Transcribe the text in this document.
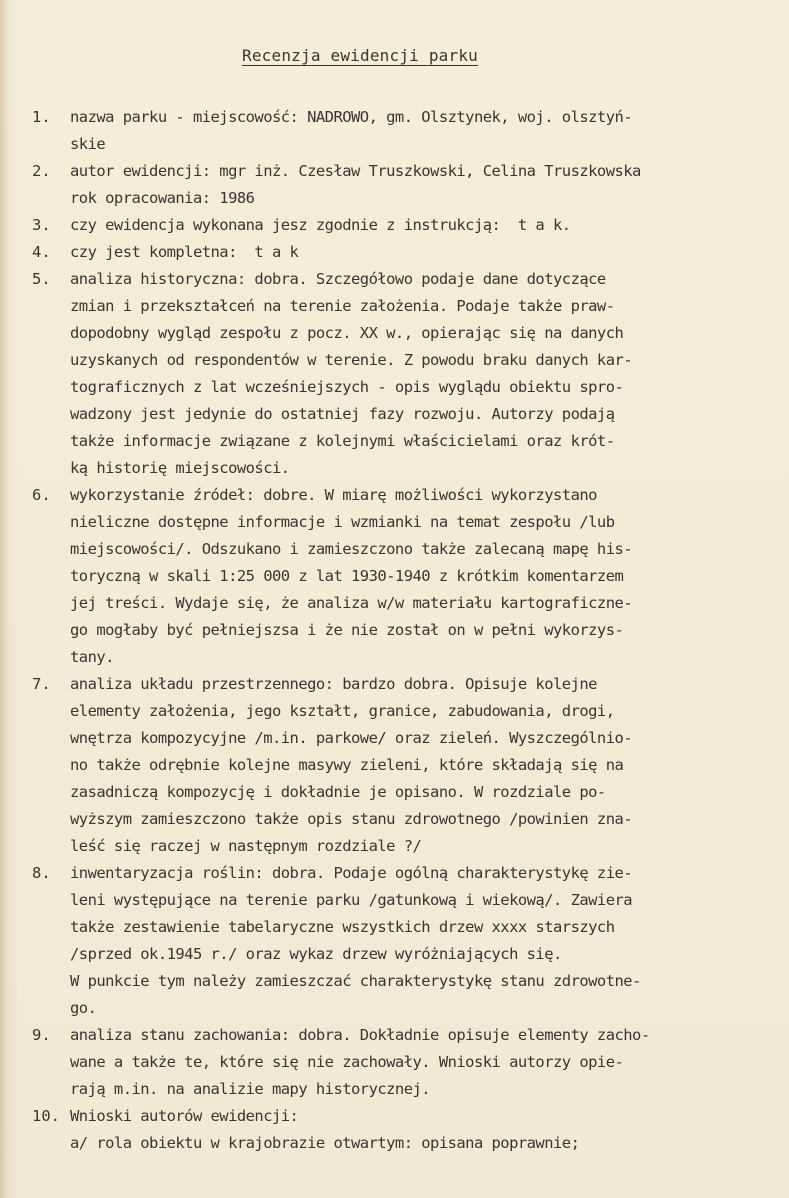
Recenzja ewidencji parku
1.	nazwa parku - miejscowość: NADROWO, gm. Olsztynek, woj. olsztyń-
skie
2.	autor ewidencji: mgr inż. Czesław Truszkowski, Celina Truszkowska
rok opracowania: 1986
3.	czy ewidencja wykonana jesz zgodnie z instrukcją:  t a k.
4.	czy jest kompletna:  t a k
5.	analiza historyczna: dobra. Szczegółowo podaje dane dotyczące
zmian i przekształceń na terenie założenia. Podaje także praw-
dopodobny wygląd zespołu z pocz. XX w., opierając się na danych
uzyskanych od respondentów w terenie. Z powodu braku danych kar-
tograficznych z lat wcześniejszych - opis wyglądu obiektu spro-
wadzony jest jedynie do ostatniej fazy rozwoju. Autorzy podają
także informacje związane z kolejnymi właścicielami oraz krót-
ką historię miejscowości.
6.	wykorzystanie źródeł: dobre. W miarę możliwości wykorzystano
nieliczne dostępne informacje i wzmianki na temat zespołu /lub
miejscowości/. Odszukano i zamieszczono także zalecaną mapę his-
toryczną w skali 1:25 000 z lat 1930-1940 z krótkim komentarzem
jej treści. Wydaje się, że analiza w/w materiału kartograficzne-
go mogłaby być pełniejszsa i że nie został on w pełni wykorzys-
tany.
7.	analiza układu przestrzennego: bardzo dobra. Opisuje kolejne
elementy założenia, jego kształt, granice, zabudowania, drogi,
wnętrza kompozycyjne /m.in. parkowe/ oraz zieleń. Wyszczególnio-
no także odrębnie kolejne masywy zieleni, które składają się na
zasadniczą kompozycję i dokładnie je opisano. W rozdziale po-
wyższym zamieszczono także opis stanu zdrowotnego /powinien zna-
leść się raczej w następnym rozdziale ?/
8.	inwentaryzacja roślin: dobra. Podaje ogólną charakterystykę zie-
leni występujące na terenie parku /gatunkową i wiekową/. Zawiera
także zestawienie tabelaryczne wszystkich drzew xxxx starszych
/sprzed ok.1945 r./ oraz wykaz drzew wyróżniających się.
W punkcie tym należy zamieszczać charakterystykę stanu zdrowotne-
go.
9.	analiza stanu zachowania: dobra. Dokładnie opisuje elementy zacho-
wane a także te, które się nie zachowały. Wnioski autorzy opie-
rają m.in. na analizie mapy historycznej.
10. Wnioski autorów ewidencji:
a/ rola obiektu w krajobrazie otwartym: opisana poprawnie;
